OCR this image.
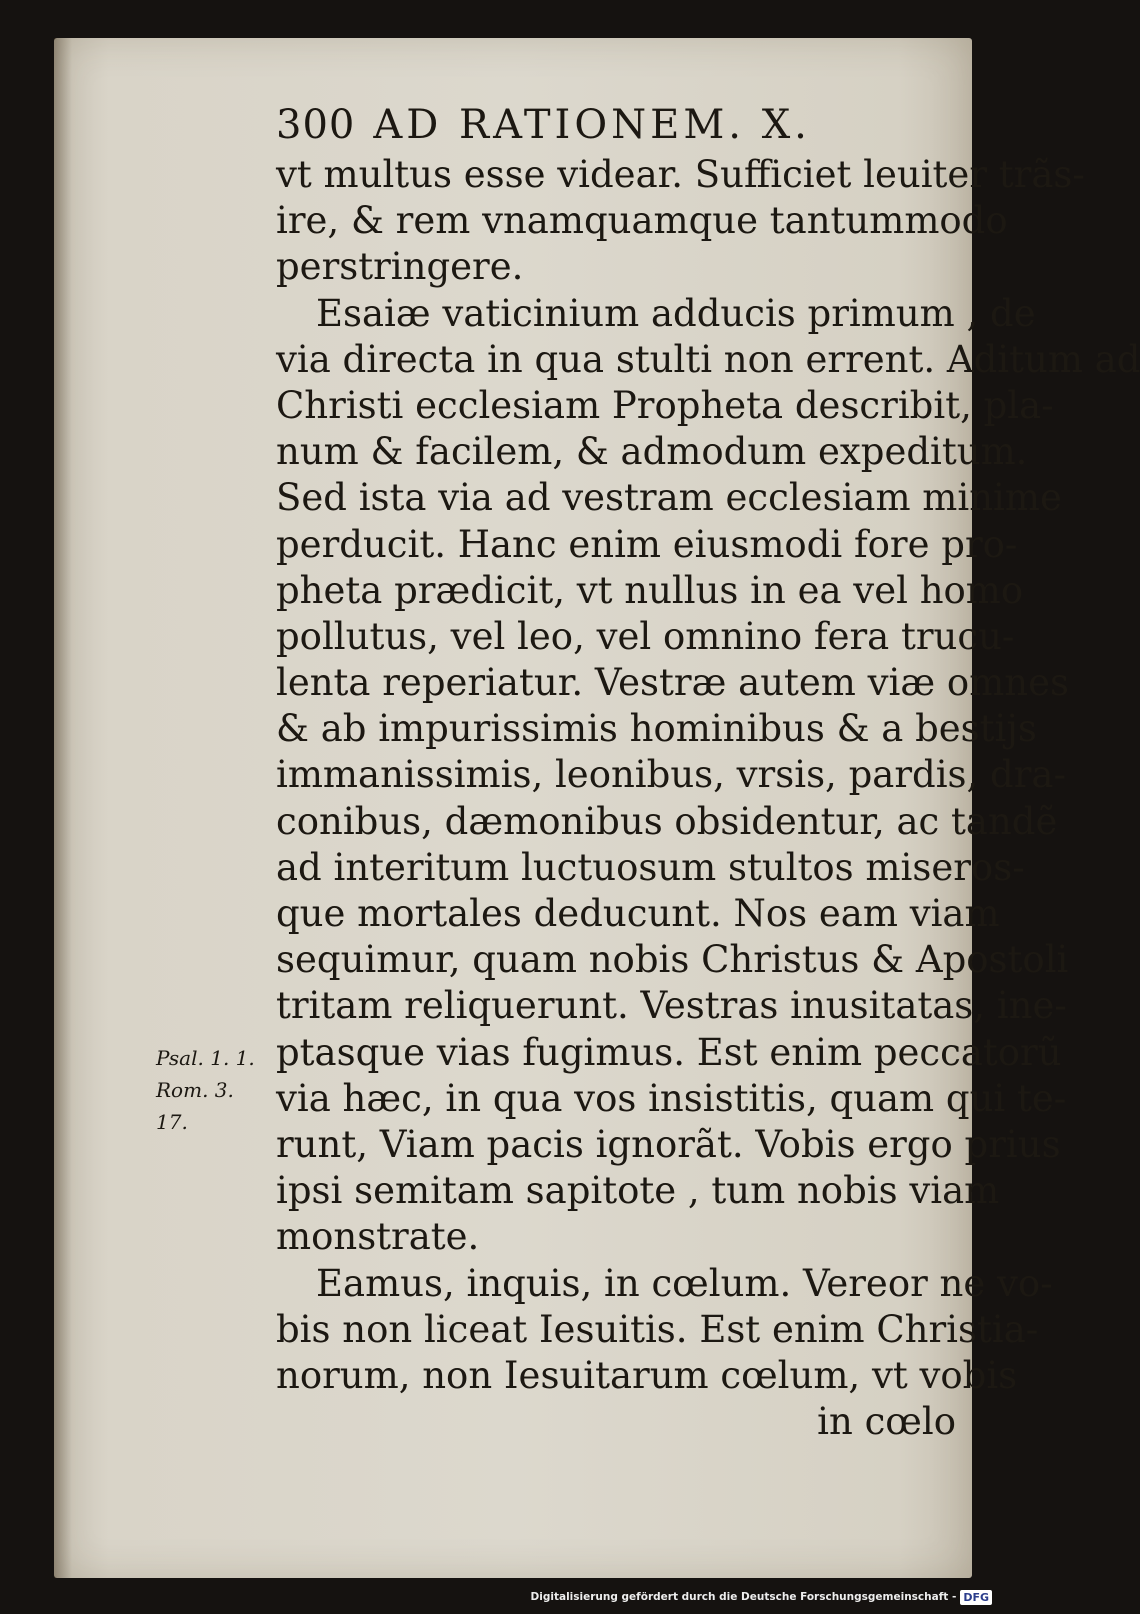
300 AD RATIONEM. X.
vt multus esse videar. Sufficiet leuiter trãs-
ire, & rem vnamquamque tantummodo
perstringere.
Esaiæ vaticinium adducis primum , de
via directa in qua stulti non errent. Aditum ad
Christi ecclesiam Propheta describit, pla-
num & facilem, & admodum expeditum.
Sed ista via ad vestram ecclesiam minime
perducit. Hanc enim eiusmodi fore pro-
pheta prædicit, vt nullus in ea vel homo
pollutus, vel leo, vel omnino fera trucu-
lenta reperiatur. Vestræ autem viæ omnes
& ab impurissimis hominibus & a bestijs
immanissimis, leonibus, vrsis, pardis, dra-
conibus, dæmonibus obsidentur, ac tandẽ
ad interitum luctuosum stultos miseros-
que mortales deducunt. Nos eam viam
sequimur, quam nobis Christus & Apostoli
tritam reliquerunt. Vestras inusitatas, ine-
ptasque vias fugimus. Est enim peccatorũ
via hæc, in qua vos insistitis, quam qui te-
runt, Viam pacis ignorãt. Vobis ergo prius
ipsi semitam sapitote , tum nobis viam
monstrate.
Eamus, inquis, in cœlum. Vereor ne vo-
bis non liceat Iesuitis. Est enim Christia-
norum, non Iesuitarum cœlum, vt vobis
in cœlo
Psal. 1. 1.
Rom. 3. 17.
Digitalisierung gefördert durch die Deutsche Forschungsgemeinschaft - DFG
